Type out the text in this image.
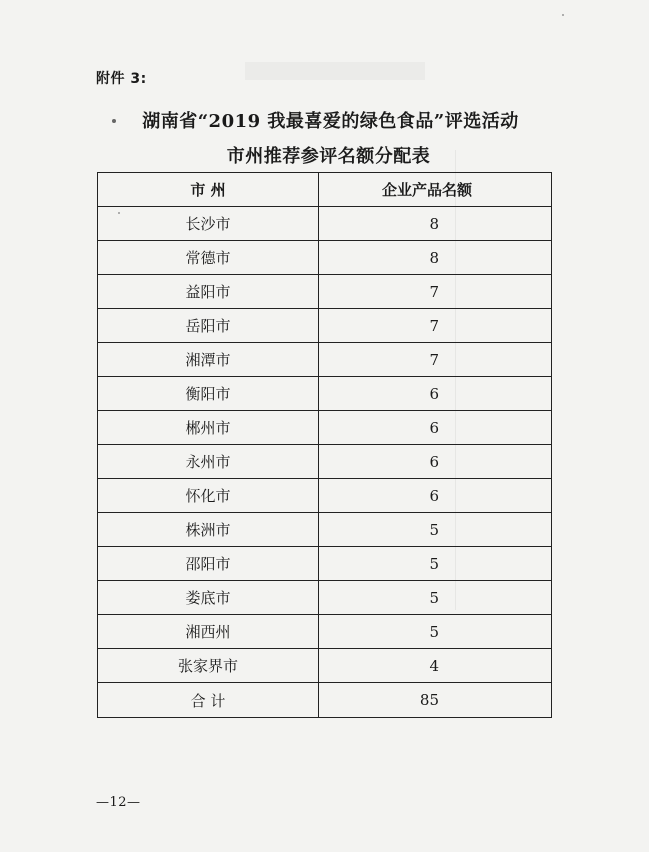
附件 3:
湖南省“2019 我最喜爱的绿色食品”评选活动
市州推荐参评名额分配表
市 州	企业产品名额
长沙市	8
常德市	8
益阳市	7
岳阳市	7
湘潭市	7
衡阳市	6
郴州市	6
永州市	6
怀化市	6
株洲市	5
邵阳市	5
娄底市	5
湘西州	5
张家界市	4
合 计	85
—12—
